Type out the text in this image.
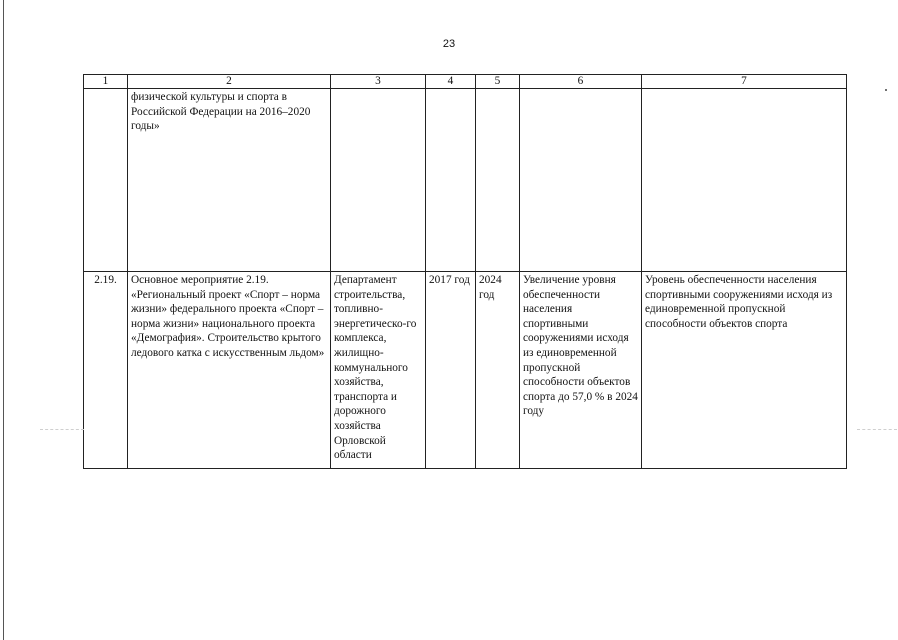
23
1	2	3	4	5	6	7
	физической культуры и спорта в Российской Федерации на 2016–2020 годы»					
2.19.	Основное мероприятие 2.19. «Региональный проект «Спорт – норма жизни» федерального проекта «Спорт – норма жизни» национального проекта «Демография». Строительство крытого ледового катка с искусственным льдом»	Департамент строительства, топливно-энергетическо-го комплекса, жилищно-коммунального хозяйства, транспорта и дорожного хозяйства Орловской области	2017 год	2024 год	Увеличение уровня обеспеченности населения спортивными сооружениями исходя из единовременной пропускной способности объектов спорта до 57,0 % в 2024 году	Уровень обеспеченности населения спортивными сооружениями исходя из единовременной пропускной способности объектов спорта
